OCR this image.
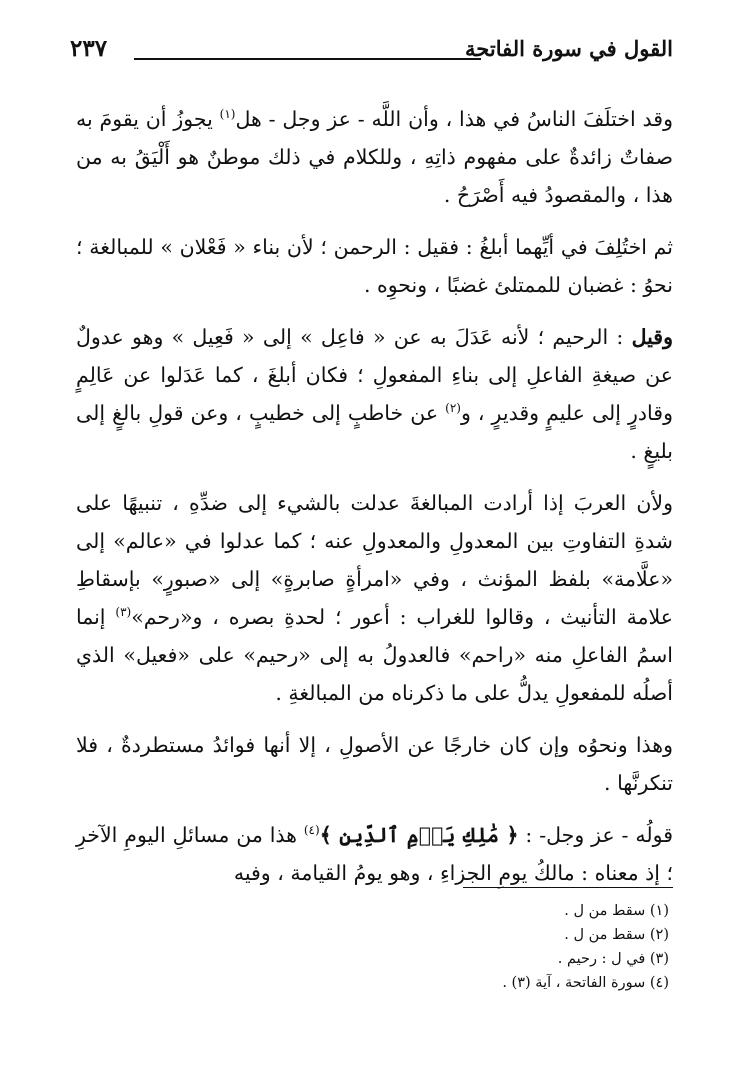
القول في سورة الفاتحة
٢٣٧

وقد اختلَفَ الناسُ في هذا ، وأن اللَّه - عز وجل - هل$^{(١)}$ يجوزُ أن يقومَ به صفاتٌ زائدةٌ على مفهوم ذاتِهِ ، وللكلام في ذلك موطنٌ هو أَلْيَقُ به من هذا ، والمقصودُ فيه أَصْرَحُ .

ثم اختُلِفَ في أيِّهما أبلغُ : فقيل : الرحمن ؛ لأن بناء « فَعْلان » للمبالغة ؛ نحوُ : غضبان للممتلئ غضبًا ، ونحوِه .

وقيل : الرحيم ؛ لأنه عَدَلَ به عن « فاعِل » إلى « فَعِيل » وهو عدولٌ عن صيغةِ الفاعلِ إلى بناءِ المفعولِ ؛ فكان أبلغَ ، كما عَدَلوا عن عَالِمٍ وقادرٍ إلى عليمٍ وقديرٍ ، و$^{(٢)}$ عن خاطبٍ إلى خطيبٍ ، وعن قولِ بالغٍ إلى بليغٍ .

ولأن العربَ إذا أرادت المبالغةَ عدلت بالشيء إلى ضدِّهِ ، تنبيهًا على شدةِ التفاوتِ بين المعدولِ والمعدولِ عنه ؛ كما عدلوا في «عالم» إلى «علَّامة» بلفظ المؤنث ، وفي «امرأةٍ صابرةٍ» إلى «صبورٍ» بإسقاطِ علامة التأنيث ، وقالوا للغراب : أعور ؛ لحدةِ بصره ، و«رحم»$^{(٣)}$ إنما اسمُ الفاعلِ منه «راحم» فالعدولُ به إلى «رحيم» على «فعيل» الذي أصلُه للمفعولِ يدلُّ على ما ذكرناه من المبالغةِ .

وهذا ونحوُه وإن كان خارجًا عن الأصولِ ، إلا أنها فوائدُ مستطردةٌ ، فلا تنكرنَّها .

قولُه - عز وجل- : ﴿ مَٰلِكِ يَوۡمِ ٱلدِّينِ ﴾$^{(٤)}$ هذا من مسائلِ اليومِ الآخرِ ؛ إذ معناه : مالكُ يومِ الجزاءِ ، وهو يومُ القيامة ، وفيه

(١) سقط من ل .
(٢) سقط من ل .
(٣) في ل : رحيم .
(٤) سورة الفاتحة ، آية (٣) .
